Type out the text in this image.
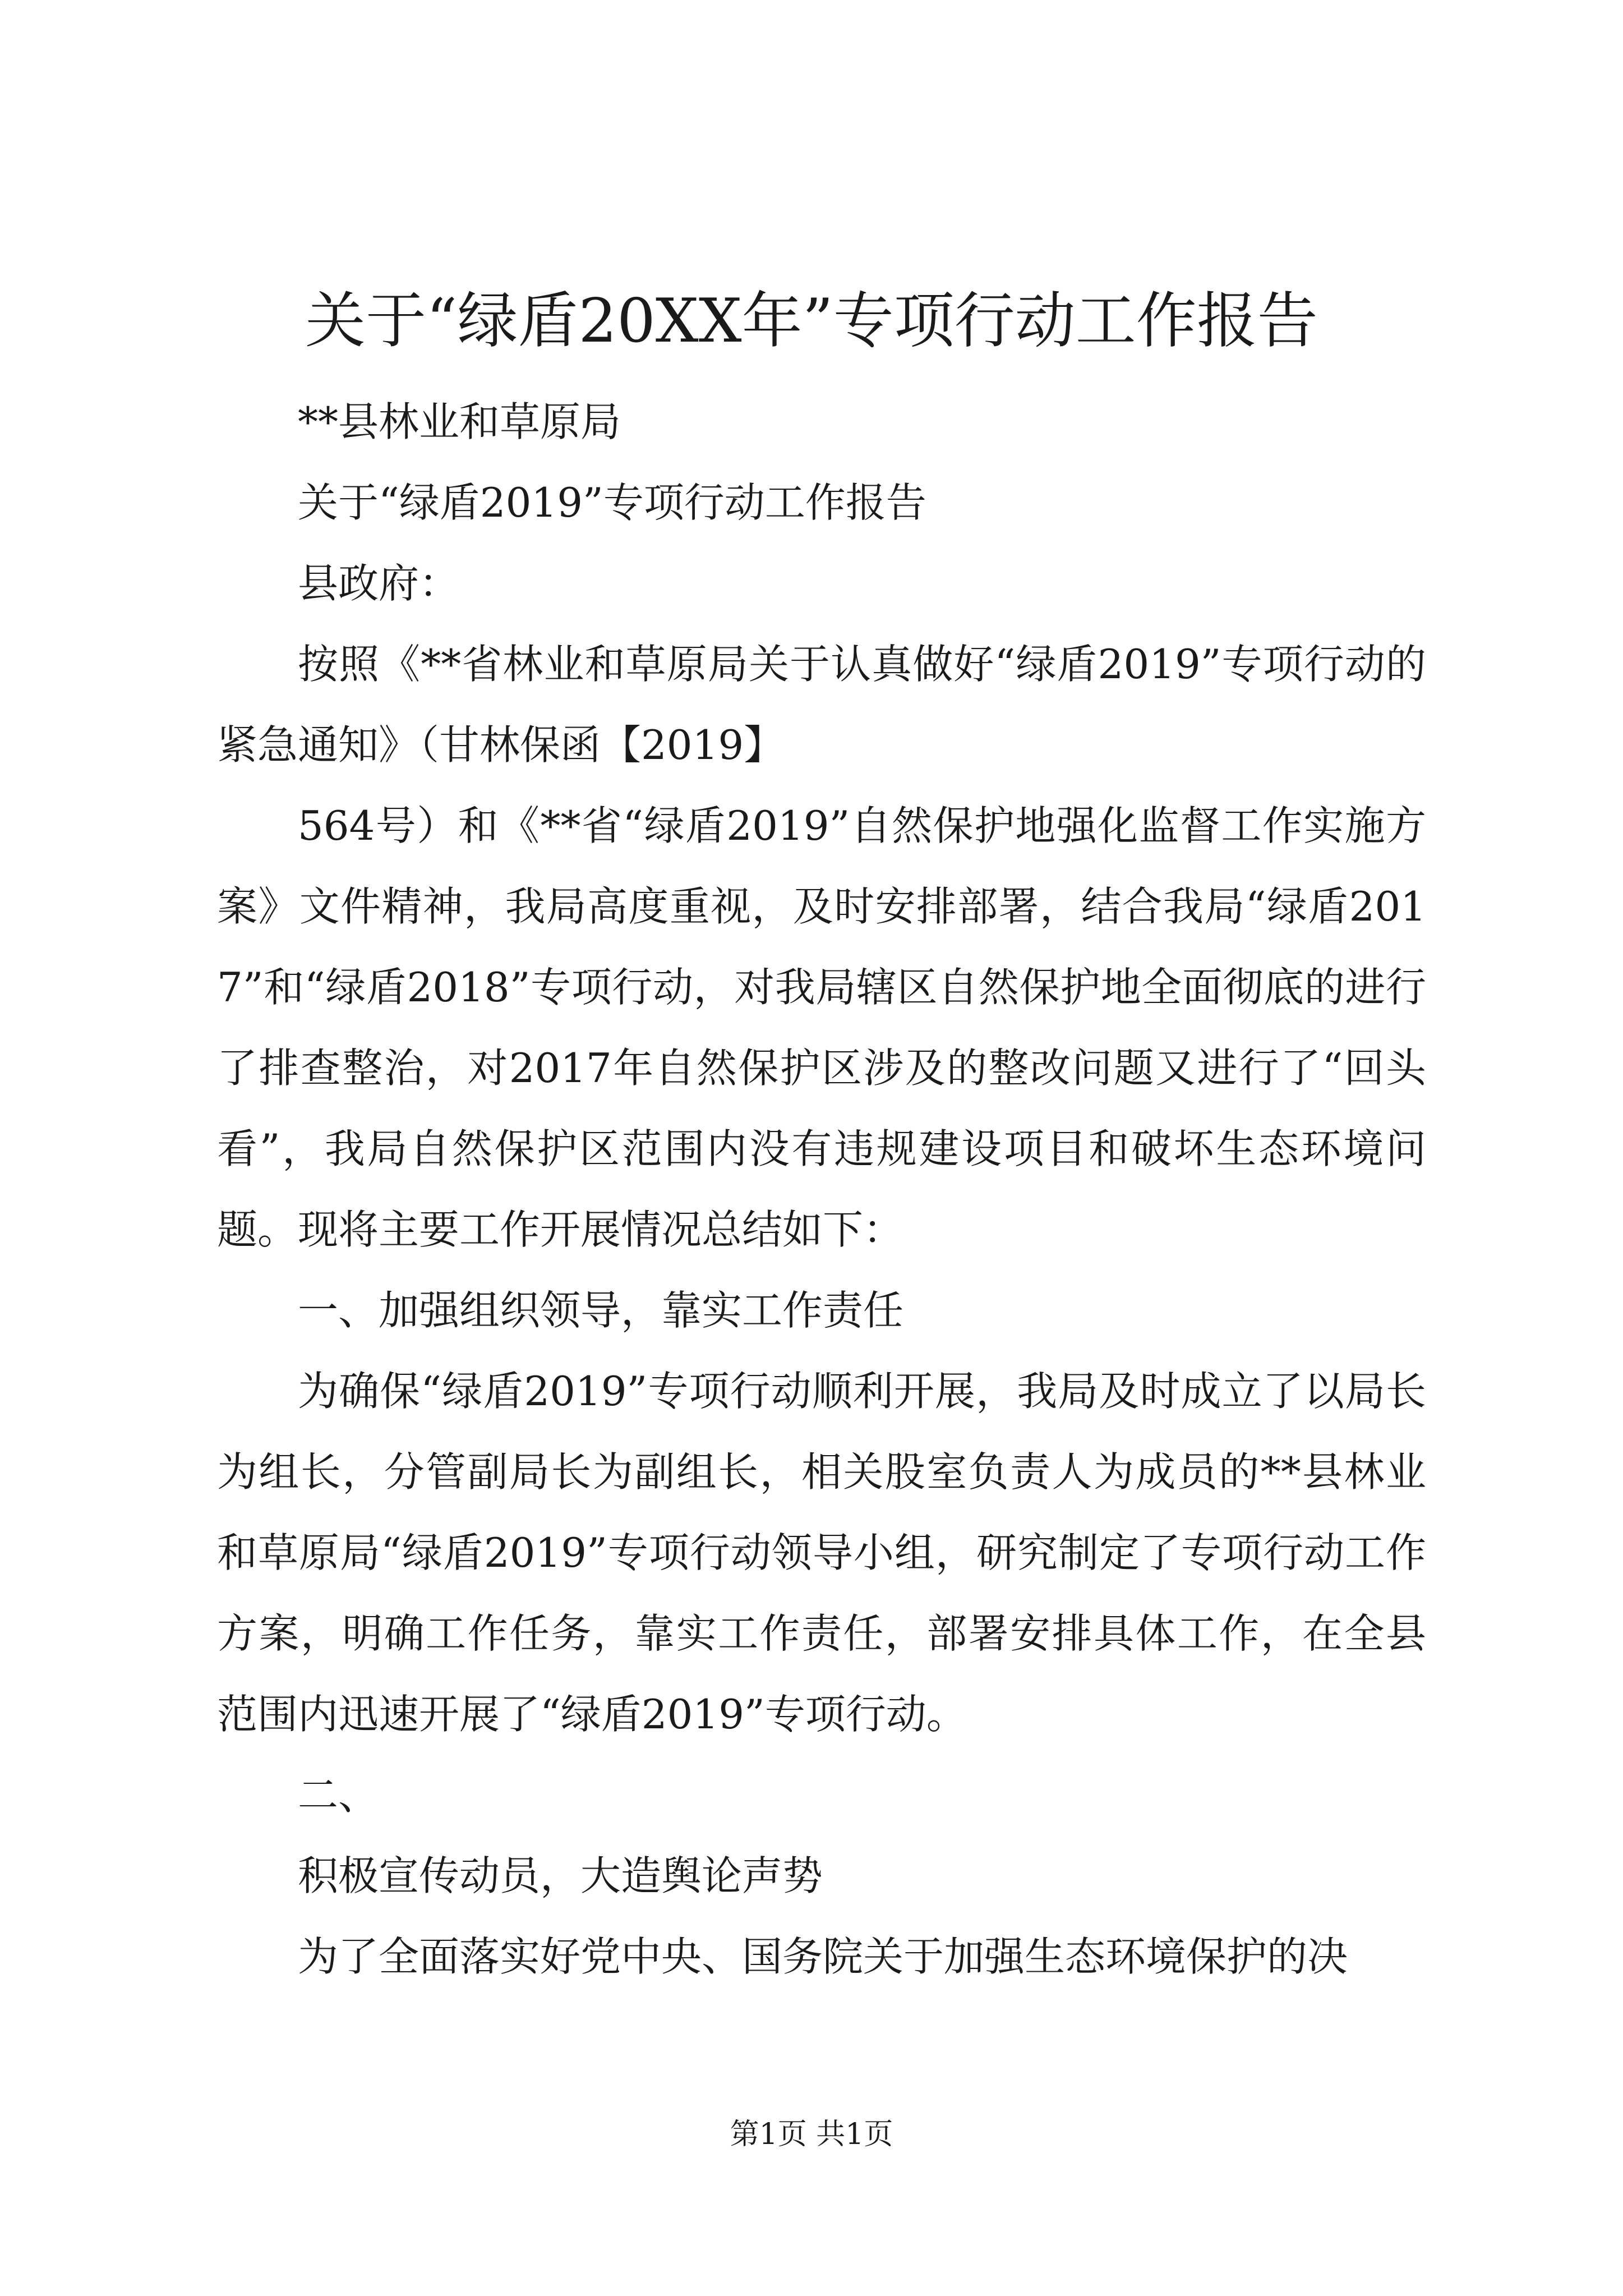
关于“绿盾20XX年”专项行动工作报告

**县林业和草原局

关于“绿盾2019”专项行动工作报告

县政府：

按照《**省林业和草原局关于认真做好“绿盾2019”专项行动的紧急通知》（甘林保函【2019】

564号）和《**省“绿盾2019”自然保护地强化监督工作实施方案》文件精神，我局高度重视，及时安排部署，结合我局“绿盾2017”和“绿盾2018”专项行动，对我局辖区自然保护地全面彻底的进行了排查整治，对2017年自然保护区涉及的整改问题又进行了“回头看”，我局自然保护区范围内没有违规建设项目和破坏生态环境问题。现将主要工作开展情况总结如下：

一、加强组织领导，靠实工作责任

为确保“绿盾2019”专项行动顺利开展，我局及时成立了以局长为组长，分管副局长为副组长，相关股室负责人为成员的**县林业和草原局“绿盾2019”专项行动领导小组，研究制定了专项行动工作方案，明确工作任务，靠实工作责任，部署安排具体工作，在全县范围内迅速开展了“绿盾2019”专项行动。

二、

积极宣传动员，大造舆论声势

为了全面落实好党中央、国务院关于加强生态环境保护的决

第1页 共1页
